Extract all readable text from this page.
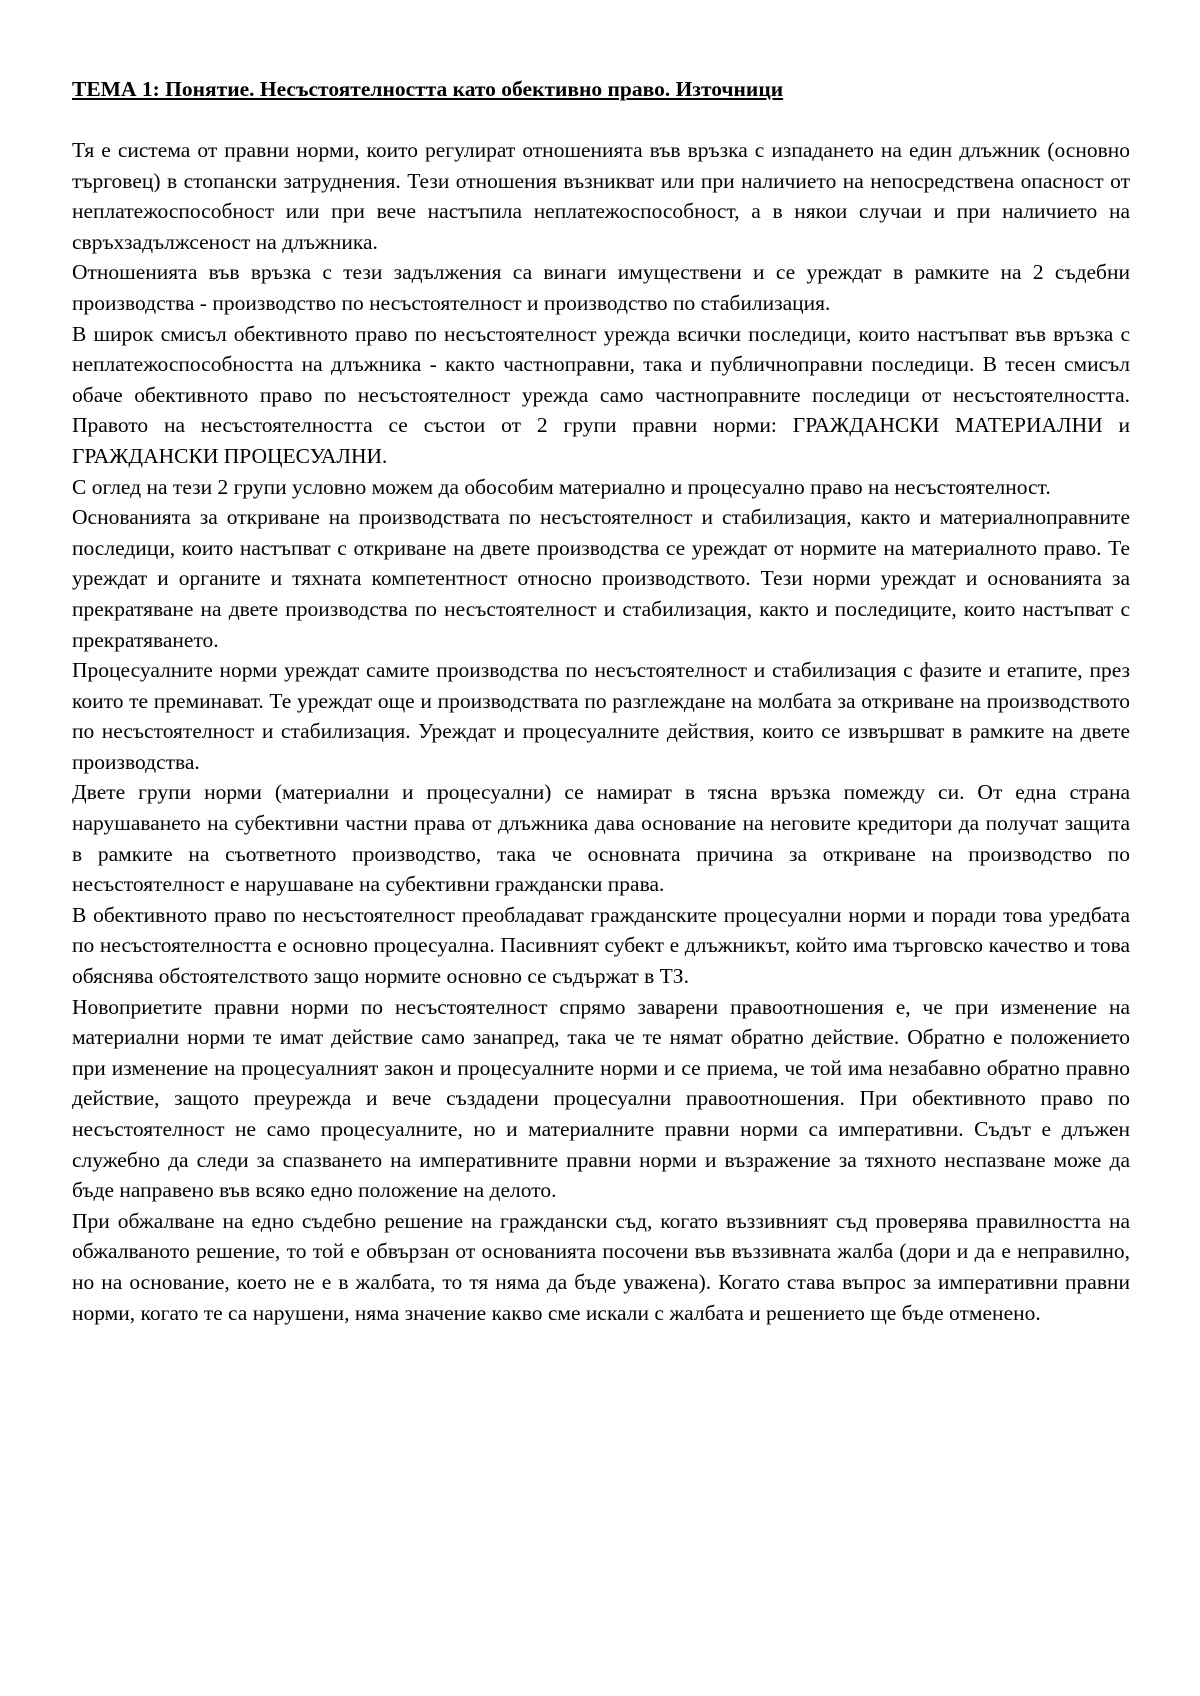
ТЕМА 1: Понятие. Несъстоятелността като обективно право. Източници

Тя е система от правни норми, които регулират отношенията във връзка с изпадането на един длъжник (основно търговец) в стопански затруднения. Тези отношения възникват или при наличието на непосредствена опасност от неплатежоспособност или при вече настъпила неплатежоспособност, а в някои случаи и при наличието на свръхзадължсеност на длъжника.

Отношенията във връзка с тези задължения са винаги имуществени и се уреждат в рамките на 2 съдебни производства - производство по несъстоятелност и производство по стабилизация.

В широк смисъл обективното право по несъстоятелност урежда всички последици, които настъпват във връзка с неплатежоспособността на длъжника - както частноправни, така и публичноправни последици. В тесен смисъл обаче обективното право по несъстоятелност урежда само частноправните последици от несъстоятелността. Правото на несъстоятелността се състои от 2 групи правни норми: ГРАЖДАНСКИ МАТЕРИАЛНИ и ГРАЖДАНСКИ ПРОЦЕСУАЛНИ.

С оглед на тези 2 групи условно можем да обособим материално и процесуално право на несъстоятелност.

Основанията за откриване на производствата по несъстоятелност и стабилизация, както и материалноправните последици, които настъпват с откриване на двете производства се уреждат от нормите на материалното право. Те уреждат и органите и тяхната компетентност относно производството. Тези норми уреждат и основанията за прекратяване на двете производства по несъстоятелност и стабилизация, както и последиците, които настъпват с прекратяването.

Процесуалните норми уреждат самите производства по несъстоятелност и стабилизация с фазите и етапите, през които те преминават. Те уреждат още и производствата по разглеждане на молбата за откриване на производството по несъстоятелност и стабилизация. Уреждат и процесуалните действия, които се извършват в рамките на двете производства.

Двете групи норми (материални и процесуални) се намират в тясна връзка помежду си. От една страна нарушаването на субективни частни права от длъжника дава основание на неговите кредитори да получат защита в рамките на съответното производство, така че основната причина за откриване на производство по несъстоятелност е нарушаване на субективни граждански права.

В обективното право по несъстоятелност преобладават гражданските процесуални норми и поради това уредбата по несъстоятелността е основно процесуална. Пасивният субект е длъжникът, който има търговско качество и това обяснява обстоятелството защо нормите основно се съдържат в ТЗ.

Новоприетите правни норми по несъстоятелност спрямо заварени правоотношения е, че при изменение на материални норми те имат действие само занапред, така че те нямат обратно действие. Обратно е положението при изменение на процесуалният закон и процесуалните норми и се приема, че той има незабавно обратно правно действие, защото преурежда и вече създадени процесуални правоотношения. При обективното право по несъстоятелност не само процесуалните, но и материалните правни норми са императивни. Съдът е длъжен служебно да следи за спазването на императивните правни норми и възражение за тяхното неспазване може да бъде направено във всяко едно положение на делото.

При обжалване на едно съдебно решение на граждански съд, когато въззивният съд проверява правилността на обжалваното решение, то той е обвързан от основанията посочени във въззивната жалба (дори и да е неправилно, но на основание, което не е в жалбата, то тя няма да бъде уважена). Когато става въпрос за императивни правни норми, когато те са нарушени, няма значение какво сме искали с жалбата и решението ще бъде отменено.
